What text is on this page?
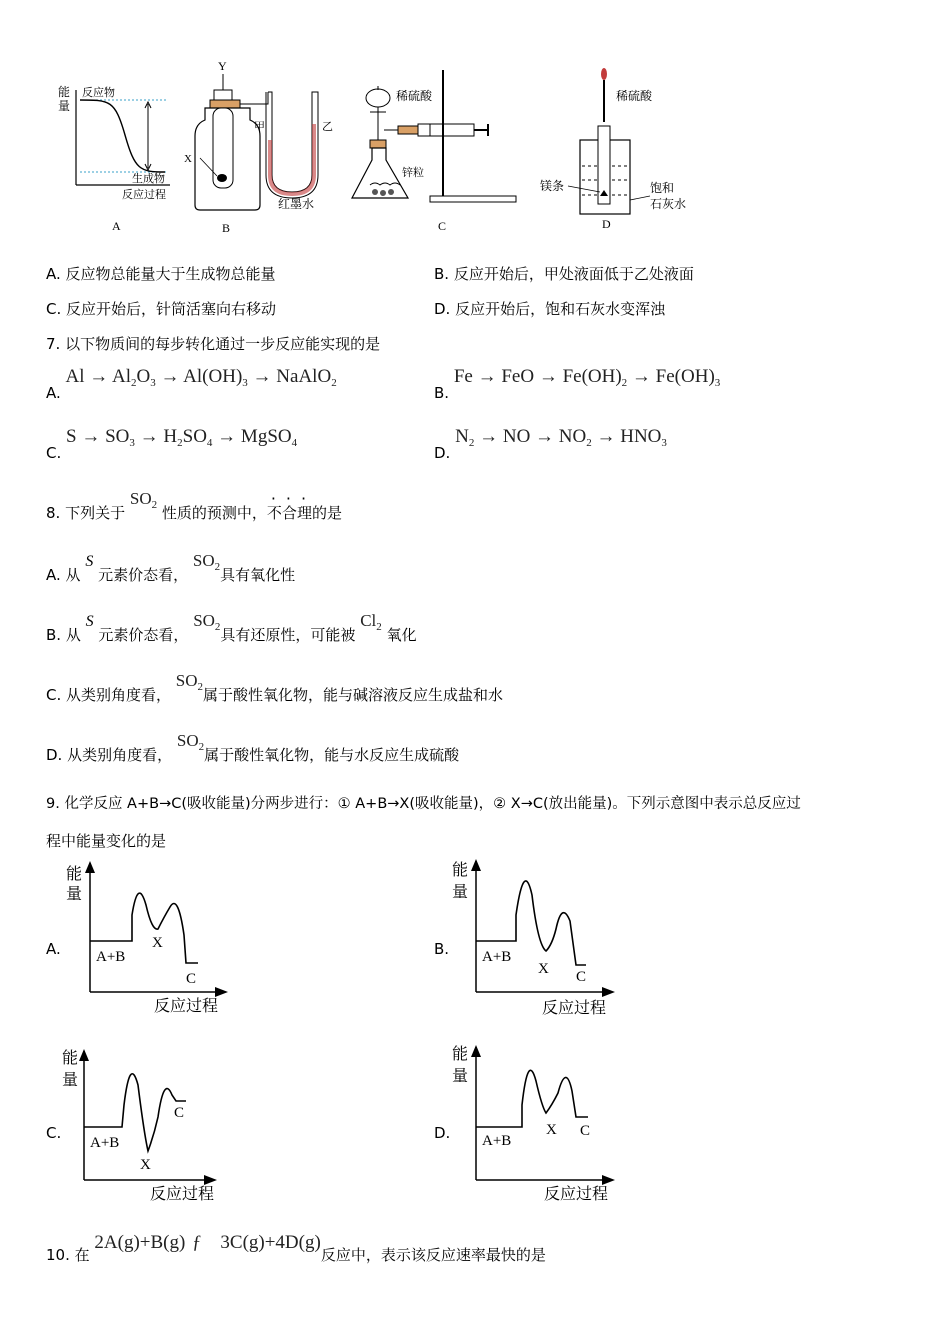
能
量
反应物
生成物
反应过程
A
Y
X
甲	乙
红墨水
B
稀硫酸
锌粒
C
稀硫酸
镁条	饱和
石灰水
D
A. 反应物总能量大于生成物总能量	B. 反应开始后，甲处液面低于乙处液面
C. 反应开始后，针筒活塞向右移动	D. 反应开始后，饱和石灰水变浑浊
7. 以下物质间的每步转化通过一步反应能实现的是
A. $Al \to Al_2O_3 \to Al(OH)_3$ → NaAlO$_2$
B. Fe → FeO → $Fe(OH)_2 \to Fe(OH)_3$
C. $S \to SO_3 \to H_2SO_4$ → MgSO$_4$
D. $N_2$ → NO → $NO_2 \to HNO_3$
8. 下列关于 $SO_2$ 性质的预测中，不合理的是
A. 从 S 元素价态看， $SO_2$具有氧化性
B. 从 S 元素价态看， $SO_2$具有还原性，可能被 $Cl_2$ 氧化
C. 从类别角度看， $SO_2$属于酸性氧化物，能与碱溶液反应生成盐和水
D. 从类别角度看， $SO_2$属于酸性氧化物，能与水反应生成硫酸
9. 化学反应 A+B→C(吸收能量)分两步进行：① A+B→X(吸收能量)，② X→C(放出能量)。下列示意图中表示总反应过
程中能量变化的是
A.	B.
C.	D.
能
量
A+B
X
C
反应过程
能
量
A+B
X C
反应过程
能
量
A+B
X
C
反应过程
能
量
A+B
X C
反应过程
10. 在 2A(g)+B(g) ƒ 3C(g)+4D(g)反应中，表示该反应速率最快的是
